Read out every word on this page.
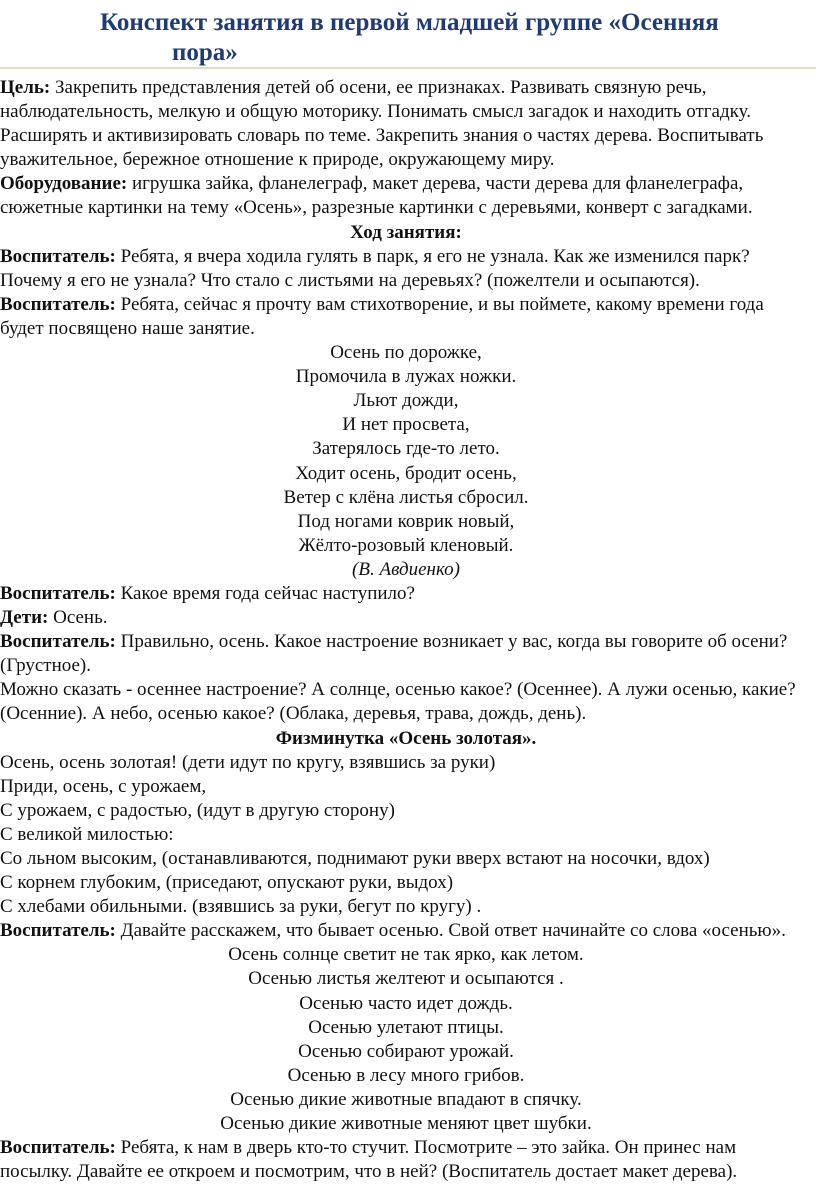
Конспект занятия в первой младшей группе «Осенняя
пора»

Цель: Закрепить представления детей об осени, ее признаках. Развивать связную речь, наблюдательность, мелкую и общую моторику. Понимать смысл загадок и находить отгадку. Расширять и активизировать словарь по теме. Закрепить знания о частях дерева. Воспитывать уважительное, бережное отношение к природе, окружающему миру.

Оборудование: игрушка зайка, фланелеграф, макет дерева, части дерева для фланелеграфа, сюжетные картинки на тему «Осень», разрезные картинки с деревьями, конверт с загадками.

Ход занятия:

Воспитатель: Ребята, я вчера ходила гулять в парк, я его не узнала. Как же изменился парк? Почему я его не узнала? Что стало с листьями на деревьях? (пожелтели и осыпаются).

Воспитатель: Ребята, сейчас я прочту вам стихотворение, и вы поймете, какому времени года будет посвящено наше занятие.

Осень по дорожке,

Промочила в лужах ножки.

Льют дожди,

И нет просвета,

Затерялось где-то лето.

Ходит осень, бродит осень,

Ветер с клёна листья сбросил.

Под ногами коврик новый,

Жёлто-розовый кленовый.

(В. Авдиенко)

Воспитатель: Какое время года сейчас наступило?

Дети: Осень.

Воспитатель: Правильно, осень. Какое настроение возникает у вас, когда вы говорите об осени? (Грустное).

Можно сказать - осеннее настроение? А солнце, осенью какое? (Осеннее). А лужи осенью, какие? (Осенние). А небо, осенью какое? (Облака, деревья, трава, дождь, день).

Физминутка «Осень золотая».

Осень, осень золотая! (дети идут по кругу, взявшись за руки)

Приди, осень, с урожаем,

С урожаем, с радостью, (идут в другую сторону)

С великой милостью:

Со льном высоким, (останавливаются, поднимают руки вверх встают на носочки, вдох)

С корнем глубоким, (приседают, опускают руки, выдох)

С хлебами обильными. (взявшись за руки, бегут по кругу) .

Воспитатель: Давайте расскажем, что бывает осенью. Свой ответ начинайте со слова «осенью».

Осень солнце светит не так ярко, как летом.

Осенью листья желтеют и осыпаются .

Осенью часто идет дождь.

Осенью улетают птицы.

Осенью собирают урожай.

Осенью в лесу много грибов.

Осенью дикие животные впадают в спячку.

Осенью дикие животные меняют цвет шубки.

Воспитатель: Ребята, к нам в дверь кто-то стучит. Посмотрите – это зайка. Он принес нам посылку. Давайте ее откроем и посмотрим, что в ней? (Воспитатель достает макет дерева).
